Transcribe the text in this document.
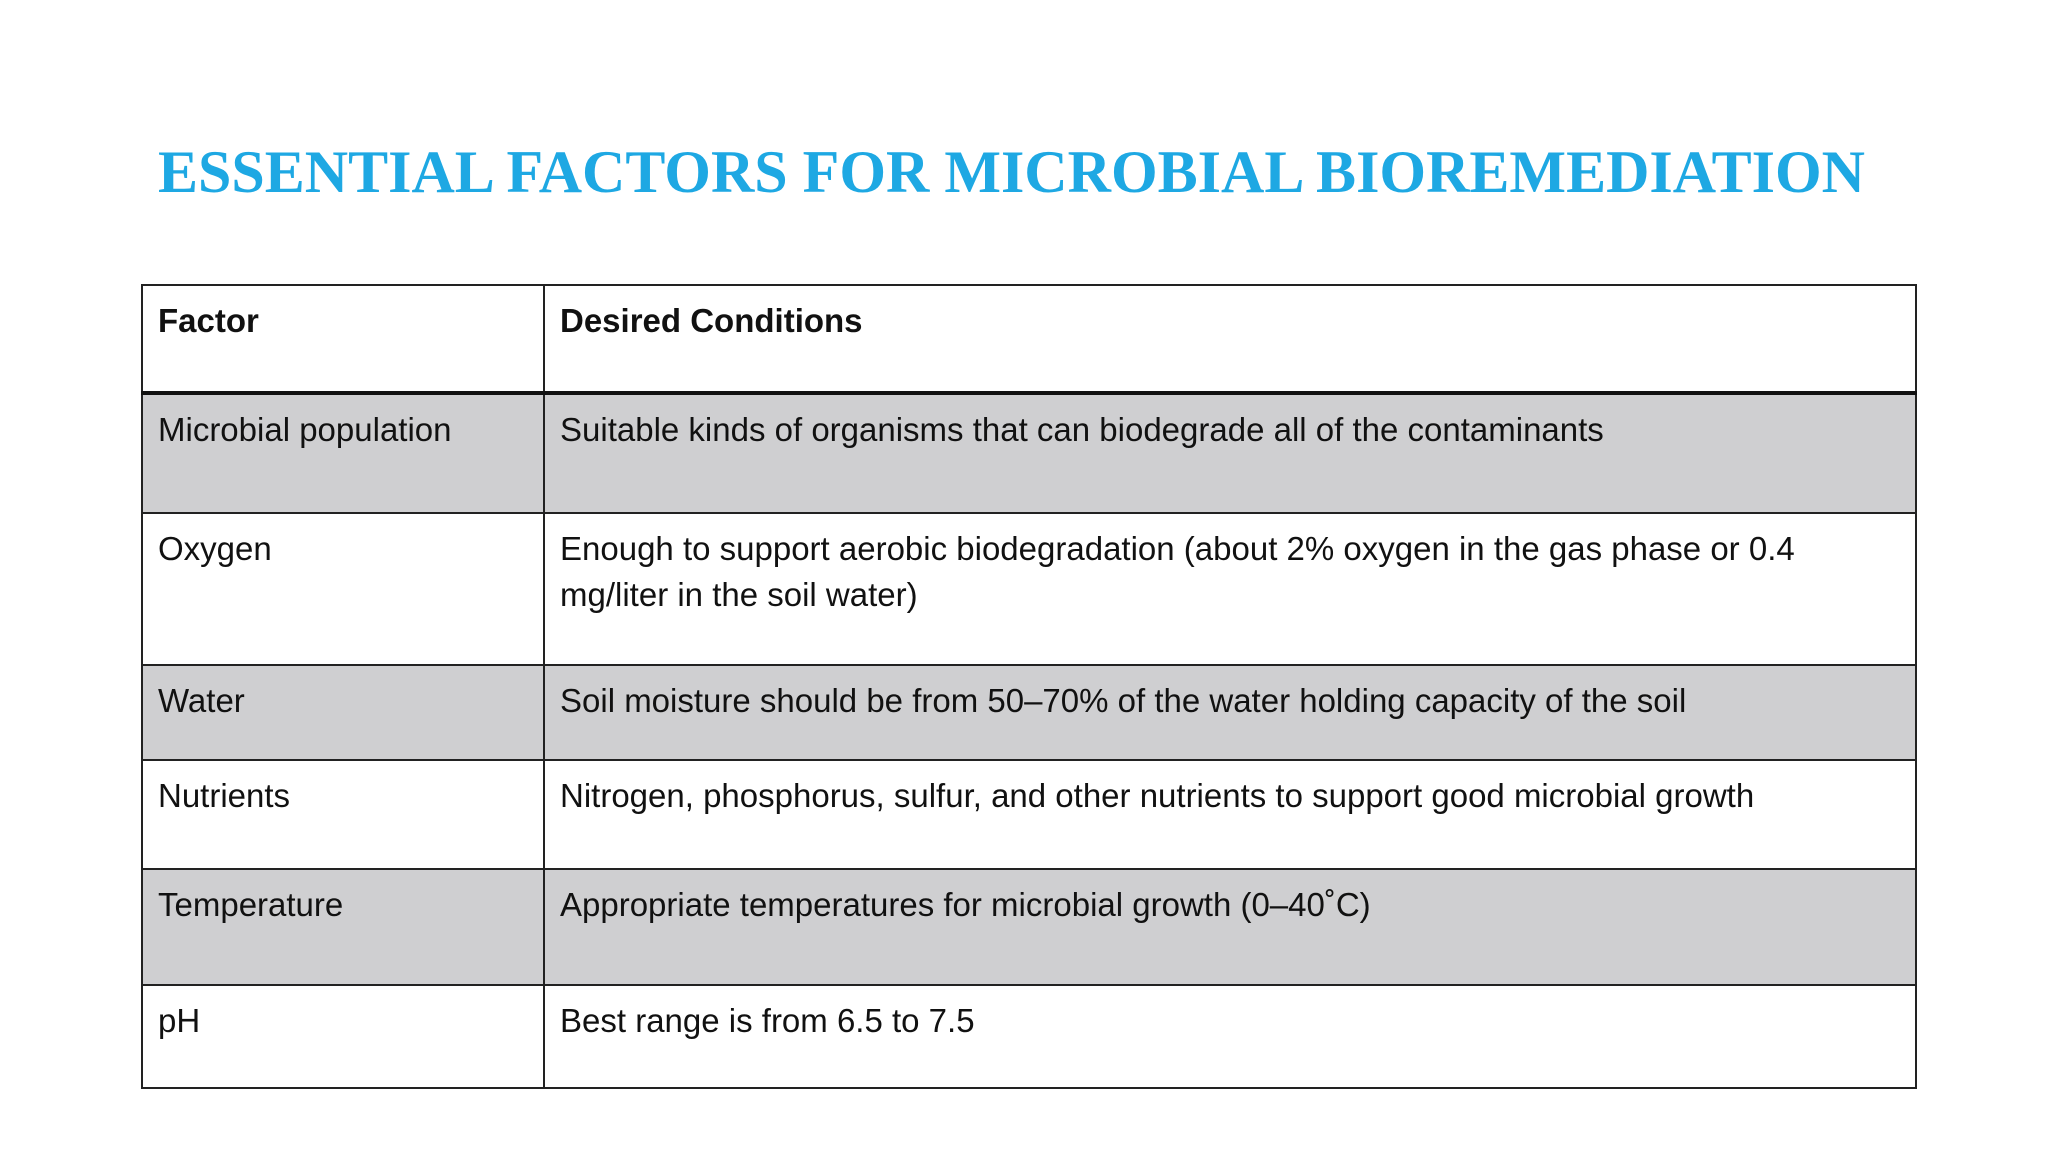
ESSENTIAL FACTORS FOR MICROBIAL BIOREMEDIATION
Factor	Desired Conditions
Microbial population	Suitable kinds of organisms that can biodegrade all of the contaminants
Oxygen	Enough to support aerobic biodegradation (about 2% oxygen in the gas phase or 0.4 mg/liter in the soil water)
Water	Soil moisture should be from 50–70% of the water holding capacity of the soil
Nutrients	Nitrogen, phosphorus, sulfur, and other nutrients to support good microbial growth
Temperature	Appropriate temperatures for microbial growth (0–40˚C)
pH	Best range is from 6.5 to 7.5
